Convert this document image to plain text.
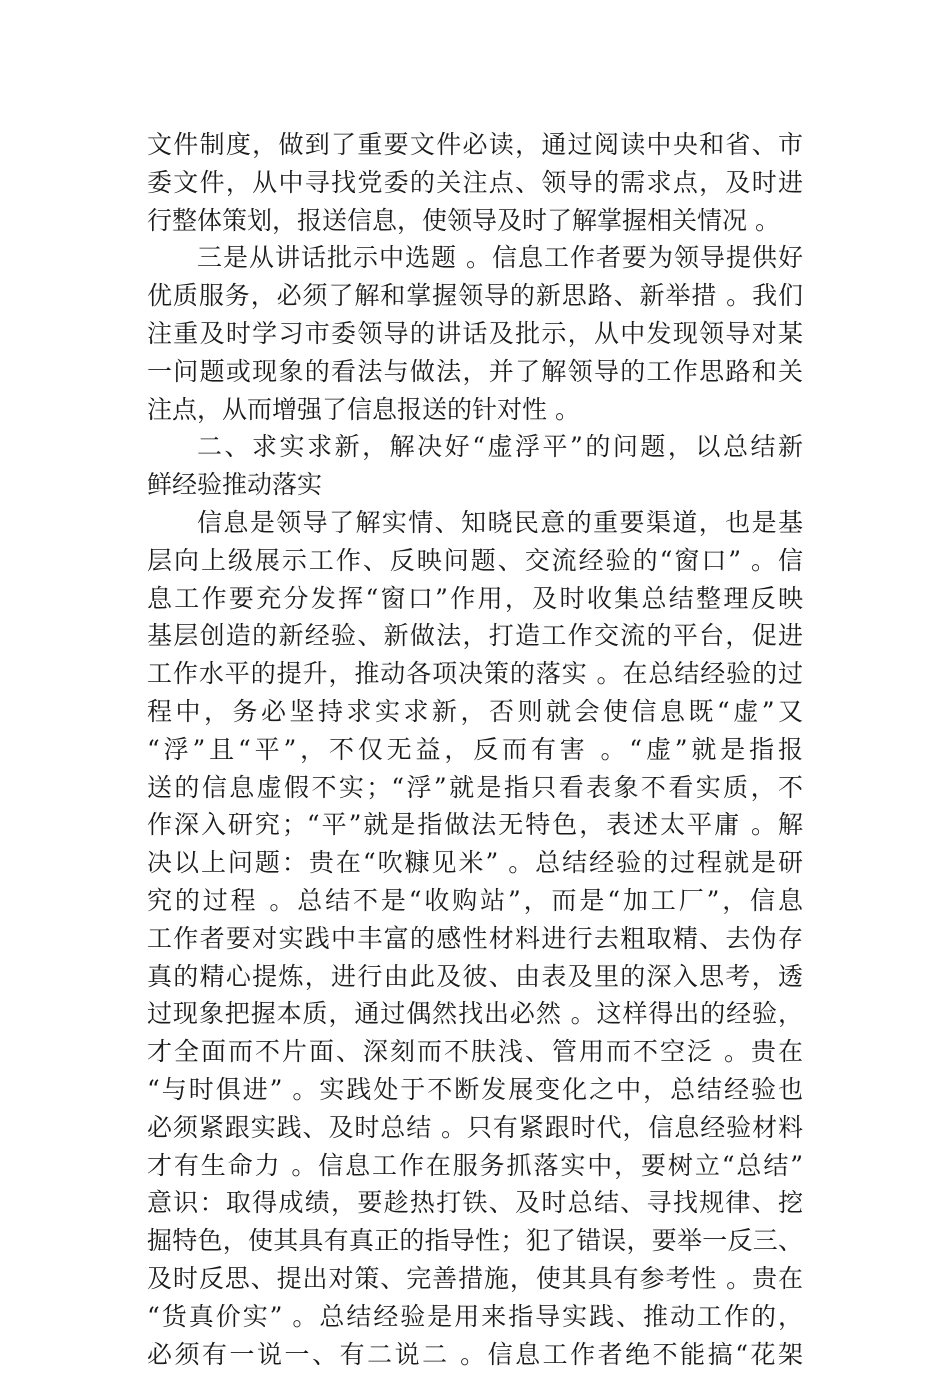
文件制度，做到了重要文件必读，通过阅读中央和省、市
委文件，从中寻找党委的关注点、领导的需求点，及时进
行整体策划，报送信息，使领导及时了解掌握相关情况 。
三是从讲话批示中选题 。信息工作者要为领导提供好
优质服务，必须了解和掌握领导的新思路、新举措 。我们
注重及时学习市委领导的讲话及批示，从中发现领导对某
一问题或现象的看法与做法，并了解领导的工作思路和关
注点，从而增强了信息报送的针对性 。
二、求实求新，解决好“虚浮平”的问题，以总结新
鲜经验推动落实
信息是领导了解实情、知晓民意的重要渠道，也是基
层向上级展示工作、反映问题、交流经验的“窗口” 。信
息工作要充分发挥“窗口”作用，及时收集总结整理反映
基层创造的新经验、新做法，打造工作交流的平台，促进
工作水平的提升，推动各项决策的落实 。在总结经验的过
程中，务必坚持求实求新，否则就会使信息既“虚”又
“浮”且“平”，不仅无益，反而有害 。“虚”就是指报
送的信息虚假不实；“浮”就是指只看表象不看实质，不
作深入研究；“平”就是指做法无特色，表述太平庸 。解
决以上问题：贵在“吹糠见米” 。总结经验的过程就是研
究的过程 。总结不是“收购站”，而是“加工厂”，信息
工作者要对实践中丰富的感性材料进行去粗取精、去伪存
真的精心提炼，进行由此及彼、由表及里的深入思考，透
过现象把握本质，通过偶然找出必然 。这样得出的经验，
才全面而不片面、深刻而不肤浅、管用而不空泛 。贵在
“与时俱进” 。实践处于不断发展变化之中，总结经验也
必须紧跟实践、及时总结 。只有紧跟时代，信息经验材料
才有生命力 。信息工作在服务抓落实中，要树立“总结”
意识：取得成绩，要趁热打铁、及时总结、寻找规律、挖
掘特色，使其具有真正的指导性；犯了错误，要举一反三、
及时反思、提出对策、完善措施，使其具有参考性 。贵在
“货真价实” 。总结经验是用来指导实践、推动工作的，
必须有一说一、有二说二 。信息工作者绝不能搞“花架
